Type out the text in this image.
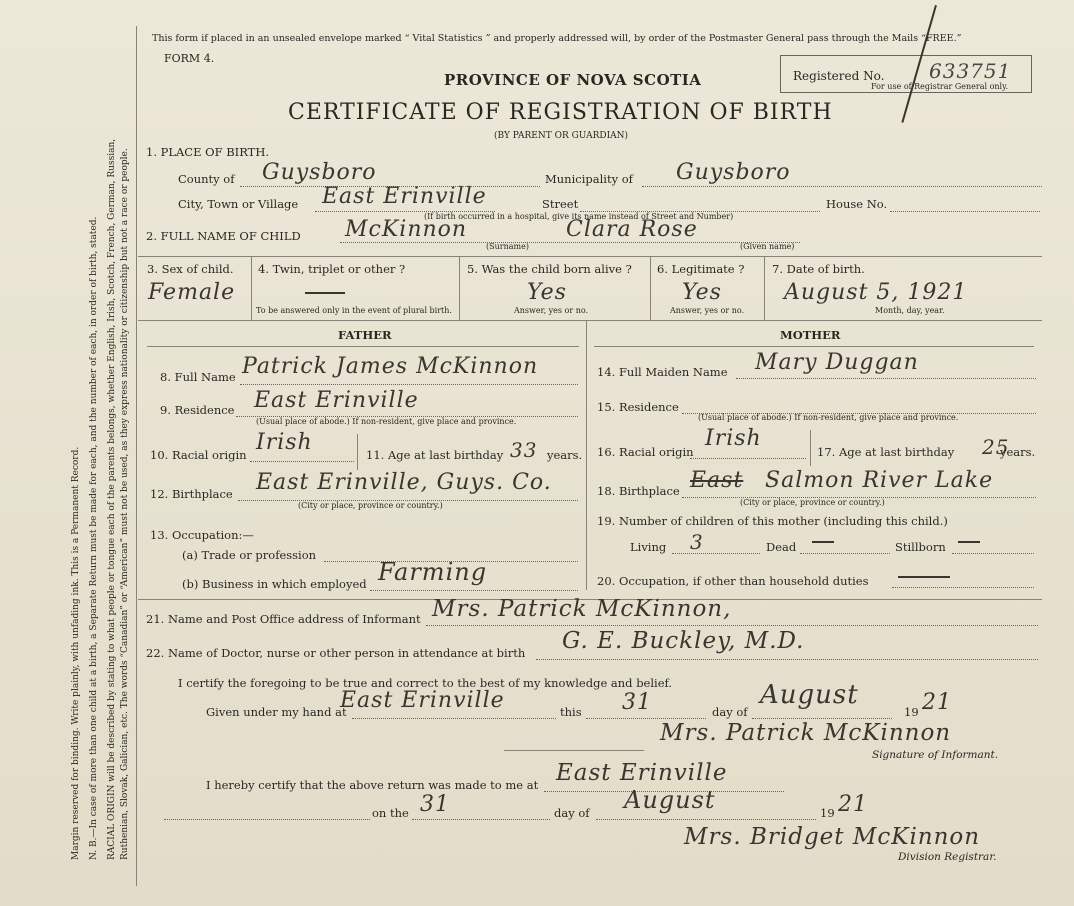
Margin reserved for binding. Write plainly, with unfading ink. This is a Permanent Record. N. B.—In case of more than one child at a birth, a Separate Return must be made for each, and the number of each, in order of birth, stated. RACIAL ORIGIN will be described by stating to what people or tongue each of the parents belongs, whether English, Irish, Scotch, French, German, Russian, Ruthenian, Slovak, Galician, etc. The words “Canadian” or “American” must not be used, as they express nationality or citizenship but not a race or people.
This form if placed in an unsealed envelope marked “ Vital Statistics ” and properly addressed will, by order of the Postmaster General pass through the Mails “FREE.”
FORM 4.
PROVINCE OF NOVA SCOTIA
CERTIFICATE OF REGISTRATION OF BIRTH
(BY PARENT OR GUARDIAN)
Registered No. 633751
For use of Registrar General only.
1. PLACE OF BIRTH.
County of Guysboro	Municipality of Guysboro
City, Town or Village East Erinville	Street	House No.
(If birth occurred in a hospital, give its name instead of Street and Number)
2. FULL NAME OF CHILD McKinnon	Clara Rose
(Surname)	(Given name)
3. Sex of child.
Female
4. Twin, triplet or other ?
To be answered only in the event of plural birth.
5. Was the child born alive ?
Yes
Answer, yes or no.
6. Legitimate ?
Yes
Answer, yes or no.
7. Date of birth.
August 5, 1921
Month, day, year.
FATHER	MOTHER
8. Full Name Patrick James McKinnon
9. Residence East Erinville
(Usual place of abode.) If non-resident, give place and province.
10. Racial origin Irish	11. Age at last birthday 33 years.
12. Birthplace East Erinville, Guys. Co.
(City or place, province or country.)
13. Occupation:—
(a) Trade or profession
(b) Business in which employed Farming
14. Full Maiden Name Mary Duggan
15. Residence
(Usual place of abode.) If non-resident, give place and province.
16. Racial origin
Irish
17. Age at last birthday 25
years.
18. Birthplace East Salmon River Lake
(City or place, province or country.)
19. Number of children of this mother (including this child.)
Living 3	Dead	Stillborn
20. Occupation, if other than household duties
21. Name and Post Office address of Informant Mrs. Patrick McKinnon,
22. Name of Doctor, nurse or other person in attendance at birth G. E. Buckley, M.D.
I certify the foregoing to be true and correct to the best of my knowledge and belief.
Given under my hand at
East Erinville	this 31	day of
August
19 21
Mrs. Patrick McKinnon
Signature of Informant.
I hereby certify that the above return was made to me at East Erinville
on the 31	day of August	19 21
Mrs. Bridget McKinnon
Division Registrar.
